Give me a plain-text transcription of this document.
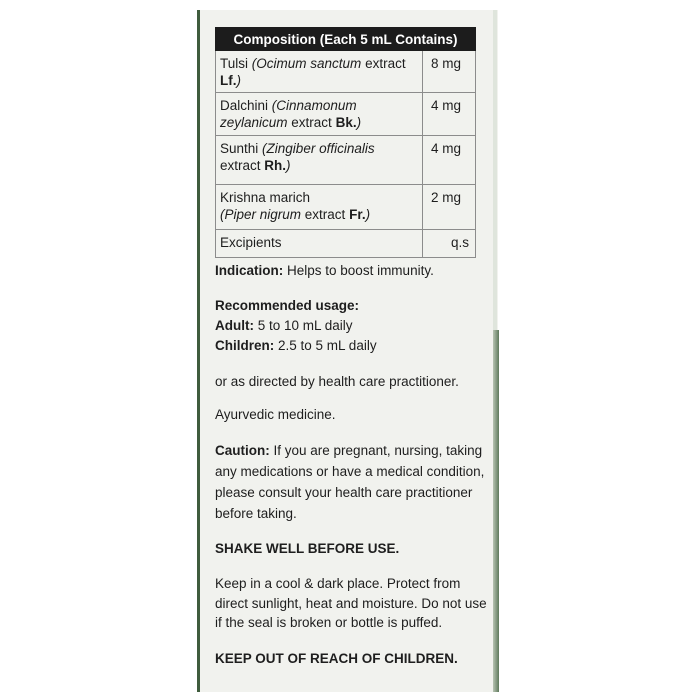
Composition (Each 5 mL Contains)	
Tulsi (Ocimum sanctum extract Lf.)	8 mg
Dalchini (Cinnamonum zeylanicum extract Bk.)	4 mg
Sunthi (Zingiber officinalis extract Rh.)	4 mg
Krishna marich
(Piper nigrum extract Fr.)	2 mg
Excipients	q.s
Indication: Helps to boost immunity.
Recommended usage:
Adult: 5 to 10 mL daily
Children: 2.5 to 5 mL daily
or as directed by health care practitioner.
Ayurvedic medicine.
Caution: If you are pregnant, nursing, taking any medications or have a medical condition, please consult your health care practitioner before taking.
SHAKE WELL BEFORE USE.
Keep in a cool & dark place. Protect from direct sunlight, heat and moisture. Do not use if the seal is broken or bottle is puffed.
KEEP OUT OF REACH OF CHILDREN.
